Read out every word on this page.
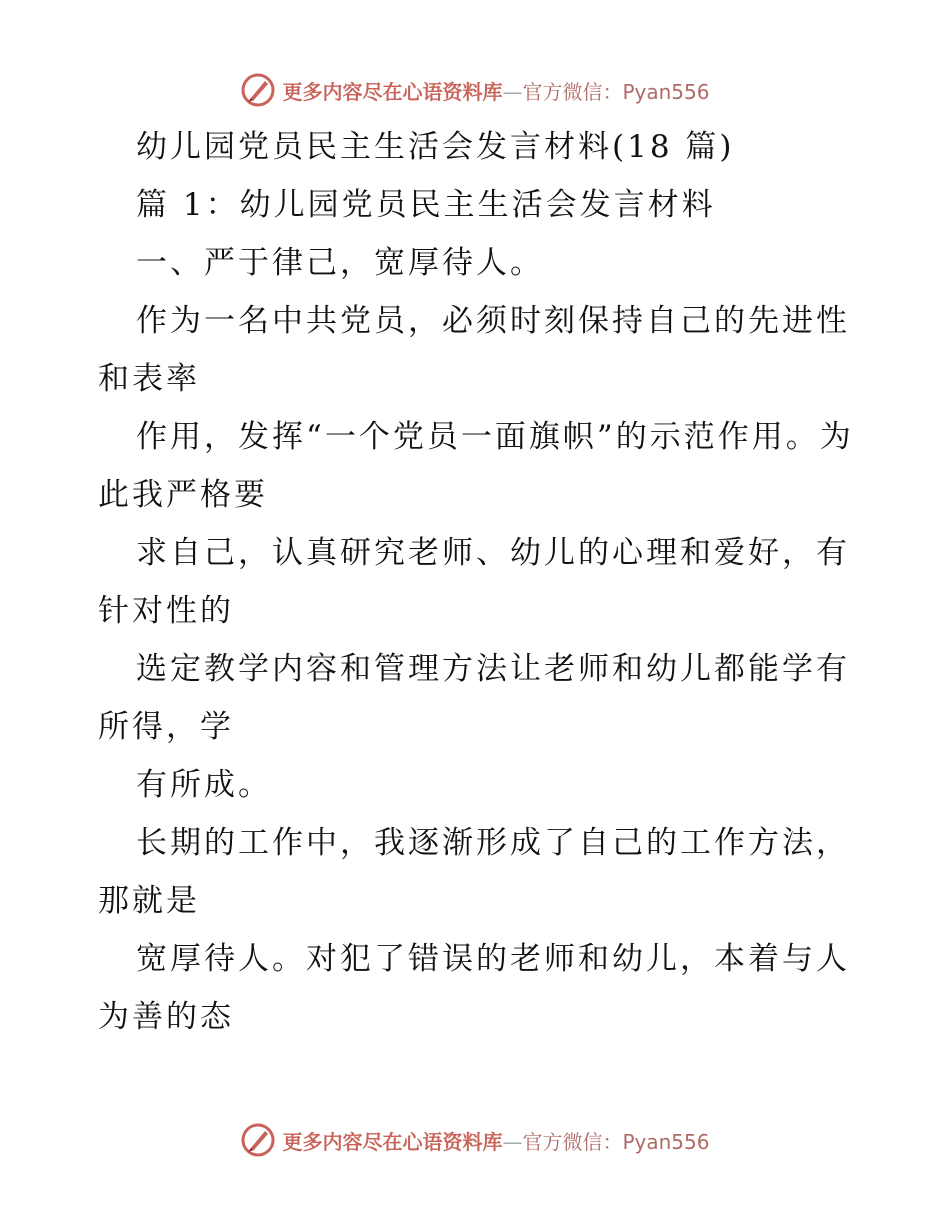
更多内容尽在心语资料库—官方微信：Pyan556

幼儿园党员民主生活会发言材料(18 篇)

篇 1：幼儿园党员民主生活会发言材料

一、严于律己，宽厚待人。

作为一名中共党员，必须时刻保持自己的先进性和表率

作用，发挥“一个党员一面旗帜”的示范作用。为此我严格要

求自己，认真研究老师、幼儿的心理和爱好，有针对性的

选定教学内容和管理方法让老师和幼儿都能学有所得，学

有所成。

长期的工作中，我逐渐形成了自己的工作方法，那就是

宽厚待人。对犯了错误的老师和幼儿，本着与人为善的态

更多内容尽在心语资料库—官方微信：Pyan556
